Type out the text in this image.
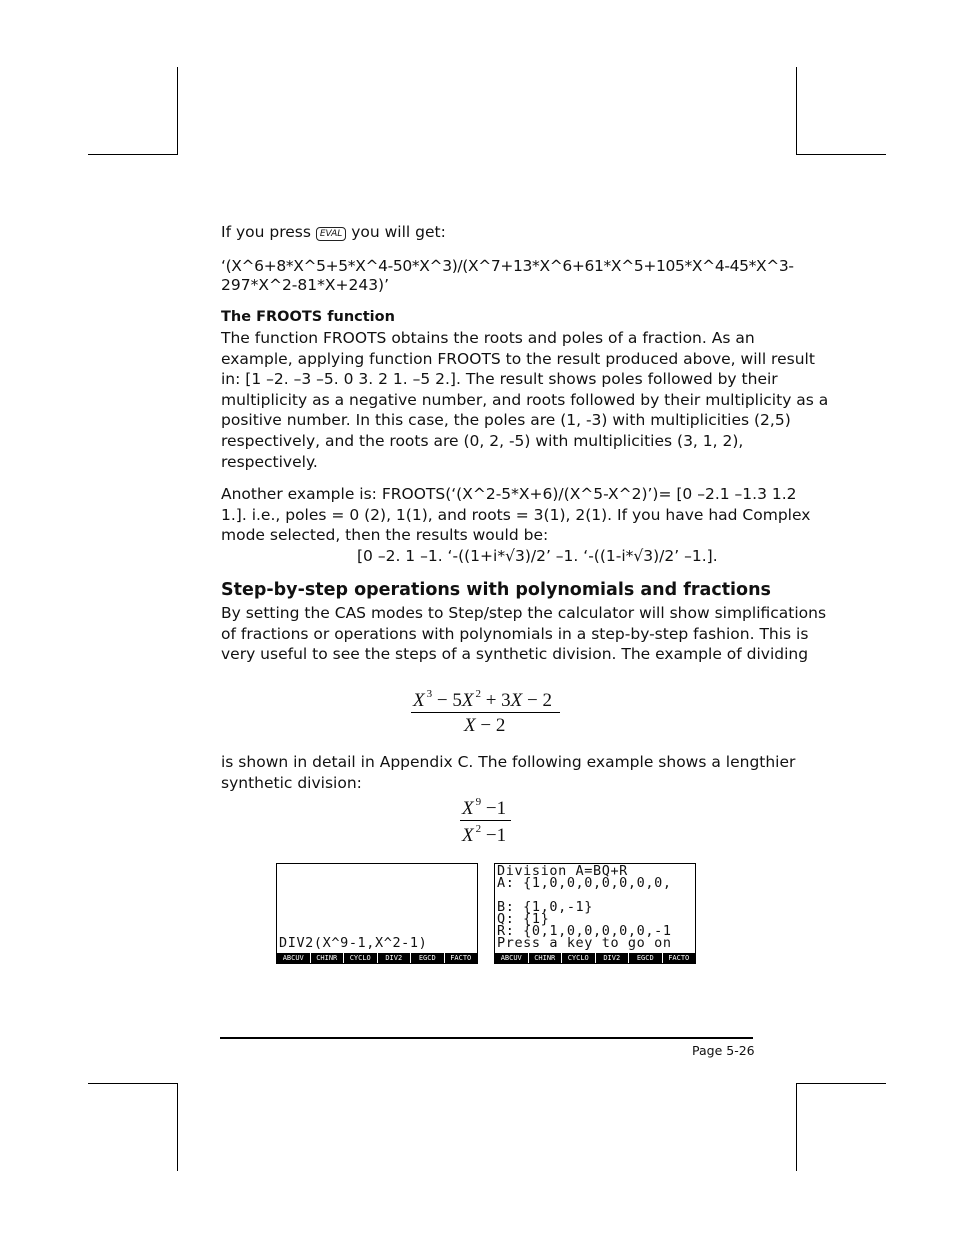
If you press EVAL you will get:
‘(X^6+8*X^5+5*X^4-50*X^3)/(X^7+13*X^6+61*X^5+105*X^4-45*X^3-
297*X^2-81*X+243)’
The FROOTS function
The function FROOTS obtains the roots and poles of a fraction. As an
example, applying function FROOTS to the result produced above, will result
in: [1 –2. –3 –5. 0 3. 2 1. –5 2.]. The result shows poles followed by their
multiplicity as a negative number, and roots followed by their multiplicity as a
positive number. In this case, the poles are (1, -3) with multiplicities (2,5)
respectively, and the roots are (0, 2, -5) with multiplicities (3, 1, 2),
respectively.
Another example is: FROOTS(‘(X^2-5*X+6)/(X^5-X^2)’)= [0 –2.1 –1.3 1.2
1.]. i.e., poles = 0 (2), 1(1), and roots = 3(1), 2(1). If you have had Complex
mode selected, then the results would be:
[0 –2. 1 –1. ‘-((1+i*√3)/2’ –1. ‘-((1-i*√3)/2’ –1.].
Step-by-step operations with polynomials and fractions
By setting the CAS modes to Step/step the calculator will show simplifications
of fractions or operations with polynomials in a step-by-step fashion. This is
very useful to see the steps of a synthetic division. The example of dividing
X $^3$ − 5X $^2$ + 3X − 2
X − 2
is shown in detail in Appendix C. The following example shows a lengthier
synthetic division:
X $^9$ −1
X $^2$ −1
DIV2(X^9-1,X^2-1)
ABCUV	CHINR	CYCLO	DIV2	EGCD	FACTO
Division A=BQ+R
A: {1,0,0,0,0,0,0,0,
B: {1,0,-1}
Q: {1}
R: {0,1,0,0,0,0,0,-1
Press a key to go on
ABCUV	CHINR	CYCLO	DIV2	EGCD	FACTO
Page 5-26
